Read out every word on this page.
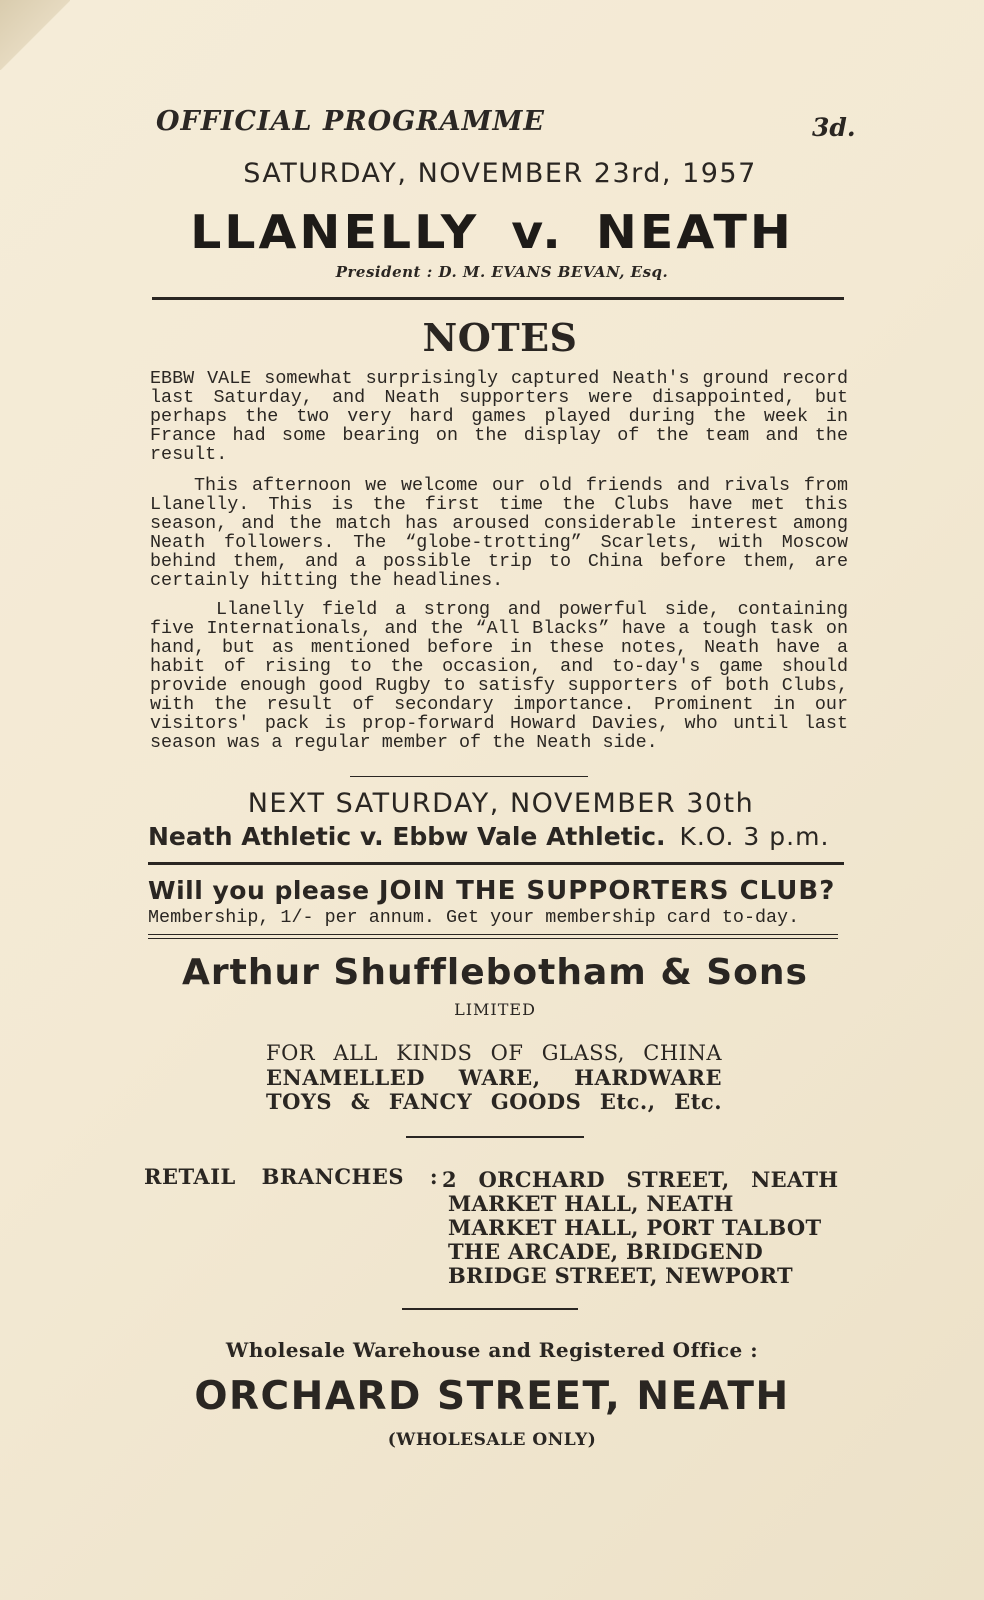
OFFICIAL PROGRAMME	3d.
SATURDAY, NOVEMBER 23rd, 1957
LLANELLY v. NEATH
President : D. M. EVANS BEVAN, Esq.
NOTES

EBBW VALE somewhat surprisingly captured Neath's ground record last Saturday, and Neath supporters were disappointed, but perhaps the two very hard games played during the week in France had some bearing on the display of the team and the result.

This afternoon we welcome our old friends and rivals from Llanelly. This is the first time the Clubs have met this season, and the match has aroused considerable interest among Neath followers. The “globe-trotting” Scarlets, with Moscow behind them, and a possible trip to China before them, are certainly hitting the headlines.

Llanelly field a strong and powerful side, containing five Internationals, and the “All Blacks” have a tough task on hand, but as mentioned before in these notes, Neath have a habit of rising to the occasion, and to-day's game should provide enough good Rugby to satisfy supporters of both Clubs, with the result of secondary importance. Prominent in our visitors' pack is prop-forward Howard Davies, who until last season was a regular member of the Neath side.

NEXT SATURDAY, NOVEMBER 30th
Neath Athletic v. Ebbw Vale Athletic. K.O. 3 p.m.
Will you please JOIN THE SUPPORTERS CLUB?
Membership, 1/- per annum. Get your membership card to-day.
Arthur Shufflebotham & Sons
LIMITED
FOR ALL KINDS OF GLASS, CHINA
ENAMELLED WARE, HARDWARE
TOYS & FANCY GOODS Etc., Etc.
RETAIL BRANCHES : 2 ORCHARD STREET, NEATH
MARKET HALL, NEATH
MARKET HALL, PORT TALBOT
THE ARCADE, BRIDGEND
BRIDGE STREET, NEWPORT
Wholesale Warehouse and Registered Office :
ORCHARD STREET, NEATH
(WHOLESALE ONLY)
